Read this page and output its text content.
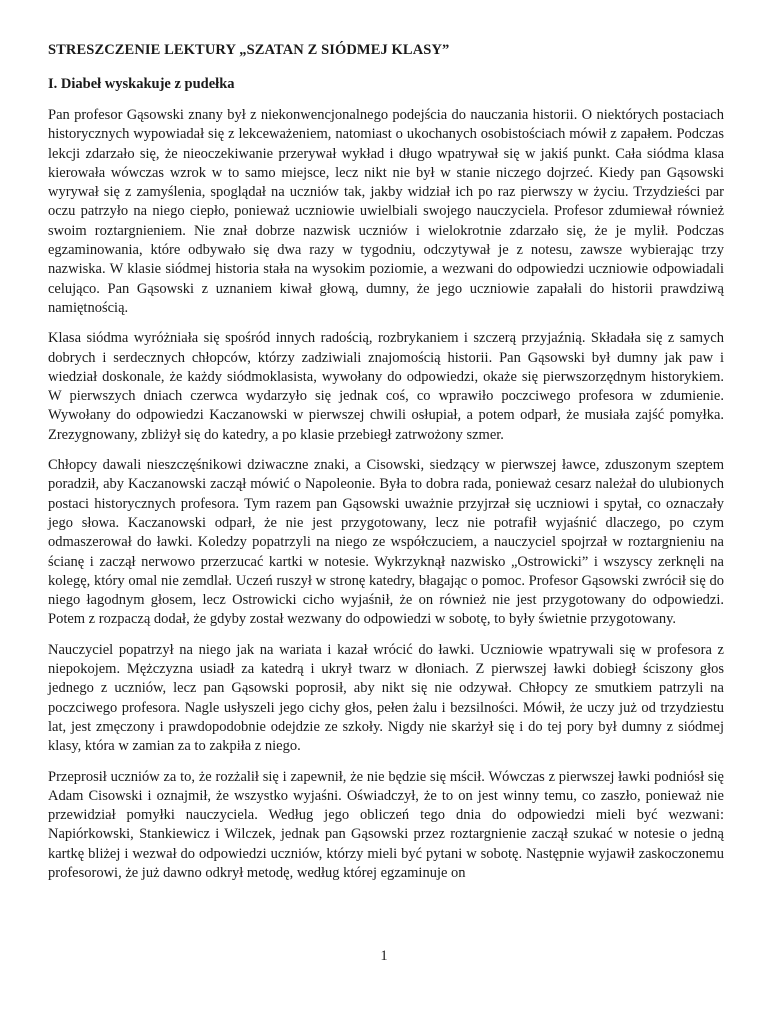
STRESZCZENIE LEKTURY „SZATAN Z SIÓDMEJ KLASY”
I. Diabeł wyskakuje z pudełka

Pan profesor Gąsowski znany był z niekonwencjonalnego podejścia do nauczania historii. O niektórych postaciach historycznych wypowiadał się z lekceważeniem, natomiast o ukochanych osobistościach mówił z zapałem. Podczas lekcji zdarzało się, że nieoczekiwanie przerywał wykład i długo wpatrywał się w jakiś punkt. Cała siódma klasa kierowała wówczas wzrok w to samo miejsce, lecz nikt nie był w stanie niczego dojrzeć. Kiedy pan Gąsowski wyrywał się z zamyślenia, spoglądał na uczniów tak, jakby widział ich po raz pierwszy w życiu. Trzydzieści par oczu patrzyło na niego ciepło, ponieważ uczniowie uwielbiali swojego nauczyciela. Profesor zdumiewał również swoim roztargnieniem. Nie znał dobrze nazwisk uczniów i wielokrotnie zdarzało się, że je mylił. Podczas egzaminowania, które odbywało się dwa razy w tygodniu, odczytywał je z notesu, zawsze wybierając trzy nazwiska. W klasie siódmej historia stała na wysokim poziomie, a wezwani do odpowiedzi uczniowie odpowiadali celująco. Pan Gąsowski z uznaniem kiwał głową, dumny, że jego uczniowie zapałali do historii prawdziwą namiętnością.

Klasa siódma wyróżniała się spośród innych radością, rozbrykaniem i szczerą przyjaźnią. Składała się z samych dobrych i serdecznych chłopców, którzy zadziwiali znajomością historii. Pan Gąsowski był dumny jak paw i wiedział doskonale, że każdy siódmoklasista, wywołany do odpowiedzi, okaże się pierwszorzędnym historykiem. W pierwszych dniach czerwca wydarzyło się jednak coś, co wprawiło poczciwego profesora w zdumienie. Wywołany do odpowiedzi Kaczanowski w pierwszej chwili osłupiał, a potem odparł, że musiała zajść pomyłka. Zrezygnowany, zbliżył się do katedry, a po klasie przebiegł zatrwożony szmer.

Chłopcy dawali nieszczęśnikowi dziwaczne znaki, a Cisowski, siedzący w pierwszej ławce, zduszonym szeptem poradził, aby Kaczanowski zaczął mówić o Napoleonie. Była to dobra rada, ponieważ cesarz należał do ulubionych postaci historycznych profesora. Tym razem pan Gąsowski uważnie przyjrzał się uczniowi i spytał, co oznaczały jego słowa. Kaczanowski odparł, że nie jest przygotowany, lecz nie potrafił wyjaśnić dlaczego, po czym odmaszerował do ławki. Koledzy popatrzyli na niego ze współczuciem, a nauczyciel spojrzał w roztargnieniu na ścianę i zaczął nerwowo przerzucać kartki w notesie. Wykrzyknął nazwisko „Ostrowicki” i wszyscy zerknęli na kolegę, który omal nie zemdlał. Uczeń ruszył w stronę katedry, błagając o pomoc. Profesor Gąsowski zwrócił się do niego łagodnym głosem, lecz Ostrowicki cicho wyjaśnił, że on również nie jest przygotowany do odpowiedzi. Potem z rozpaczą dodał, że gdyby został wezwany do odpowiedzi w sobotę, to były świetnie przygotowany.

Nauczyciel popatrzył na niego jak na wariata i kazał wrócić do ławki. Uczniowie wpatrywali się w profesora z niepokojem. Mężczyzna usiadł za katedrą i ukrył twarz w dłoniach. Z pierwszej ławki dobiegł ściszony głos jednego z uczniów, lecz pan Gąsowski poprosił, aby nikt się nie odzywał. Chłopcy ze smutkiem patrzyli na poczciwego profesora. Nagle usłyszeli jego cichy głos, pełen żalu i bezsilności. Mówił, że uczy już od trzydziestu lat, jest zmęczony i prawdopodobnie odejdzie ze szkoły. Nigdy nie skarżył się i do tej pory był dumny z siódmej klasy, która w zamian za to zakpiła z niego.

Przeprosił uczniów za to, że rozżalił się i zapewnił, że nie będzie się mścił. Wówczas z pierwszej ławki podniósł się Adam Cisowski i oznajmił, że wszystko wyjaśni. Oświadczył, że to on jest winny temu, co zaszło, ponieważ nie przewidział pomyłki nauczyciela. Według jego obliczeń tego dnia do odpowiedzi mieli być wezwani: Napiórkowski, Stankiewicz i Wilczek, jednak pan Gąsowski przez roztargnienie zaczął szukać w notesie o jedną kartkę bliżej i wezwał do odpowiedzi uczniów, którzy mieli być pytani w sobotę. Następnie wyjawił zaskoczonemu profesorowi, że już dawno odkrył metodę, według której egzaminuje on

1
